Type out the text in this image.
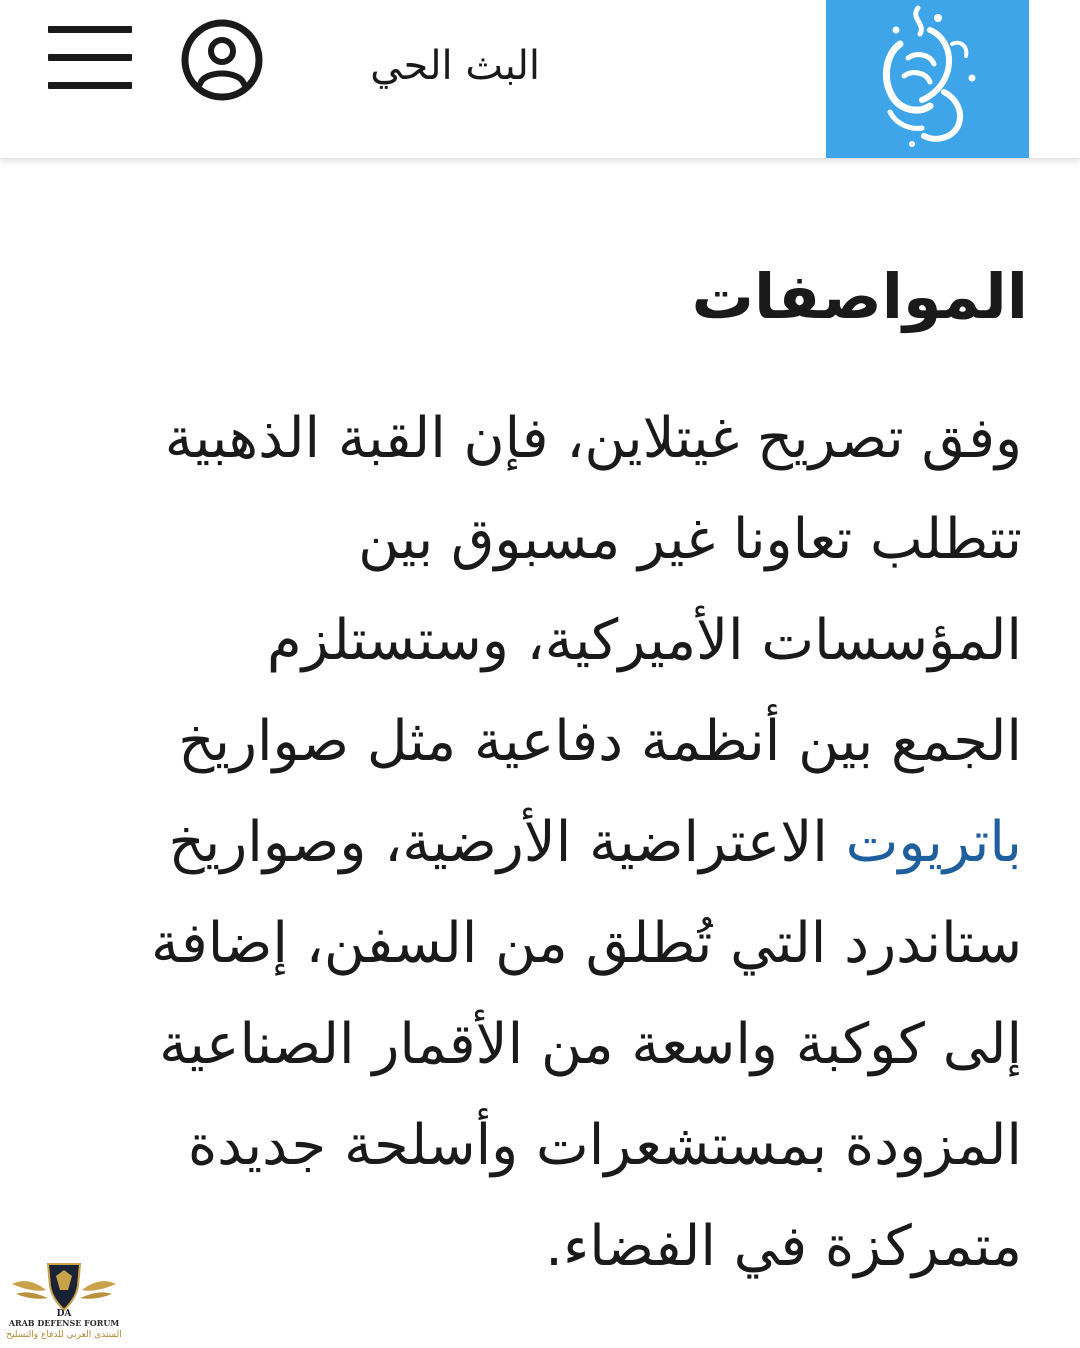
البث الحي
المواصفات

وفق تصريح غيتلاين، فإن القبة الذهبية
تتطلب تعاونا غير مسبوق بين
المؤسسات الأميركية، وستستلزم
الجمع بين أنظمة دفاعية مثل صواريخ
باتريوت الاعتراضية الأرضية، وصواريخ
ستاندرد التي تُطلق من السفن، إضافة
إلى كوكبة واسعة من الأقمار الصناعية
المزودة بمستشعرات وأسلحة جديدة
متمركزة في الفضاء.

DA
ARAB DEFENSE FORUM
المنتدى العربي للدفاع والتسليح
